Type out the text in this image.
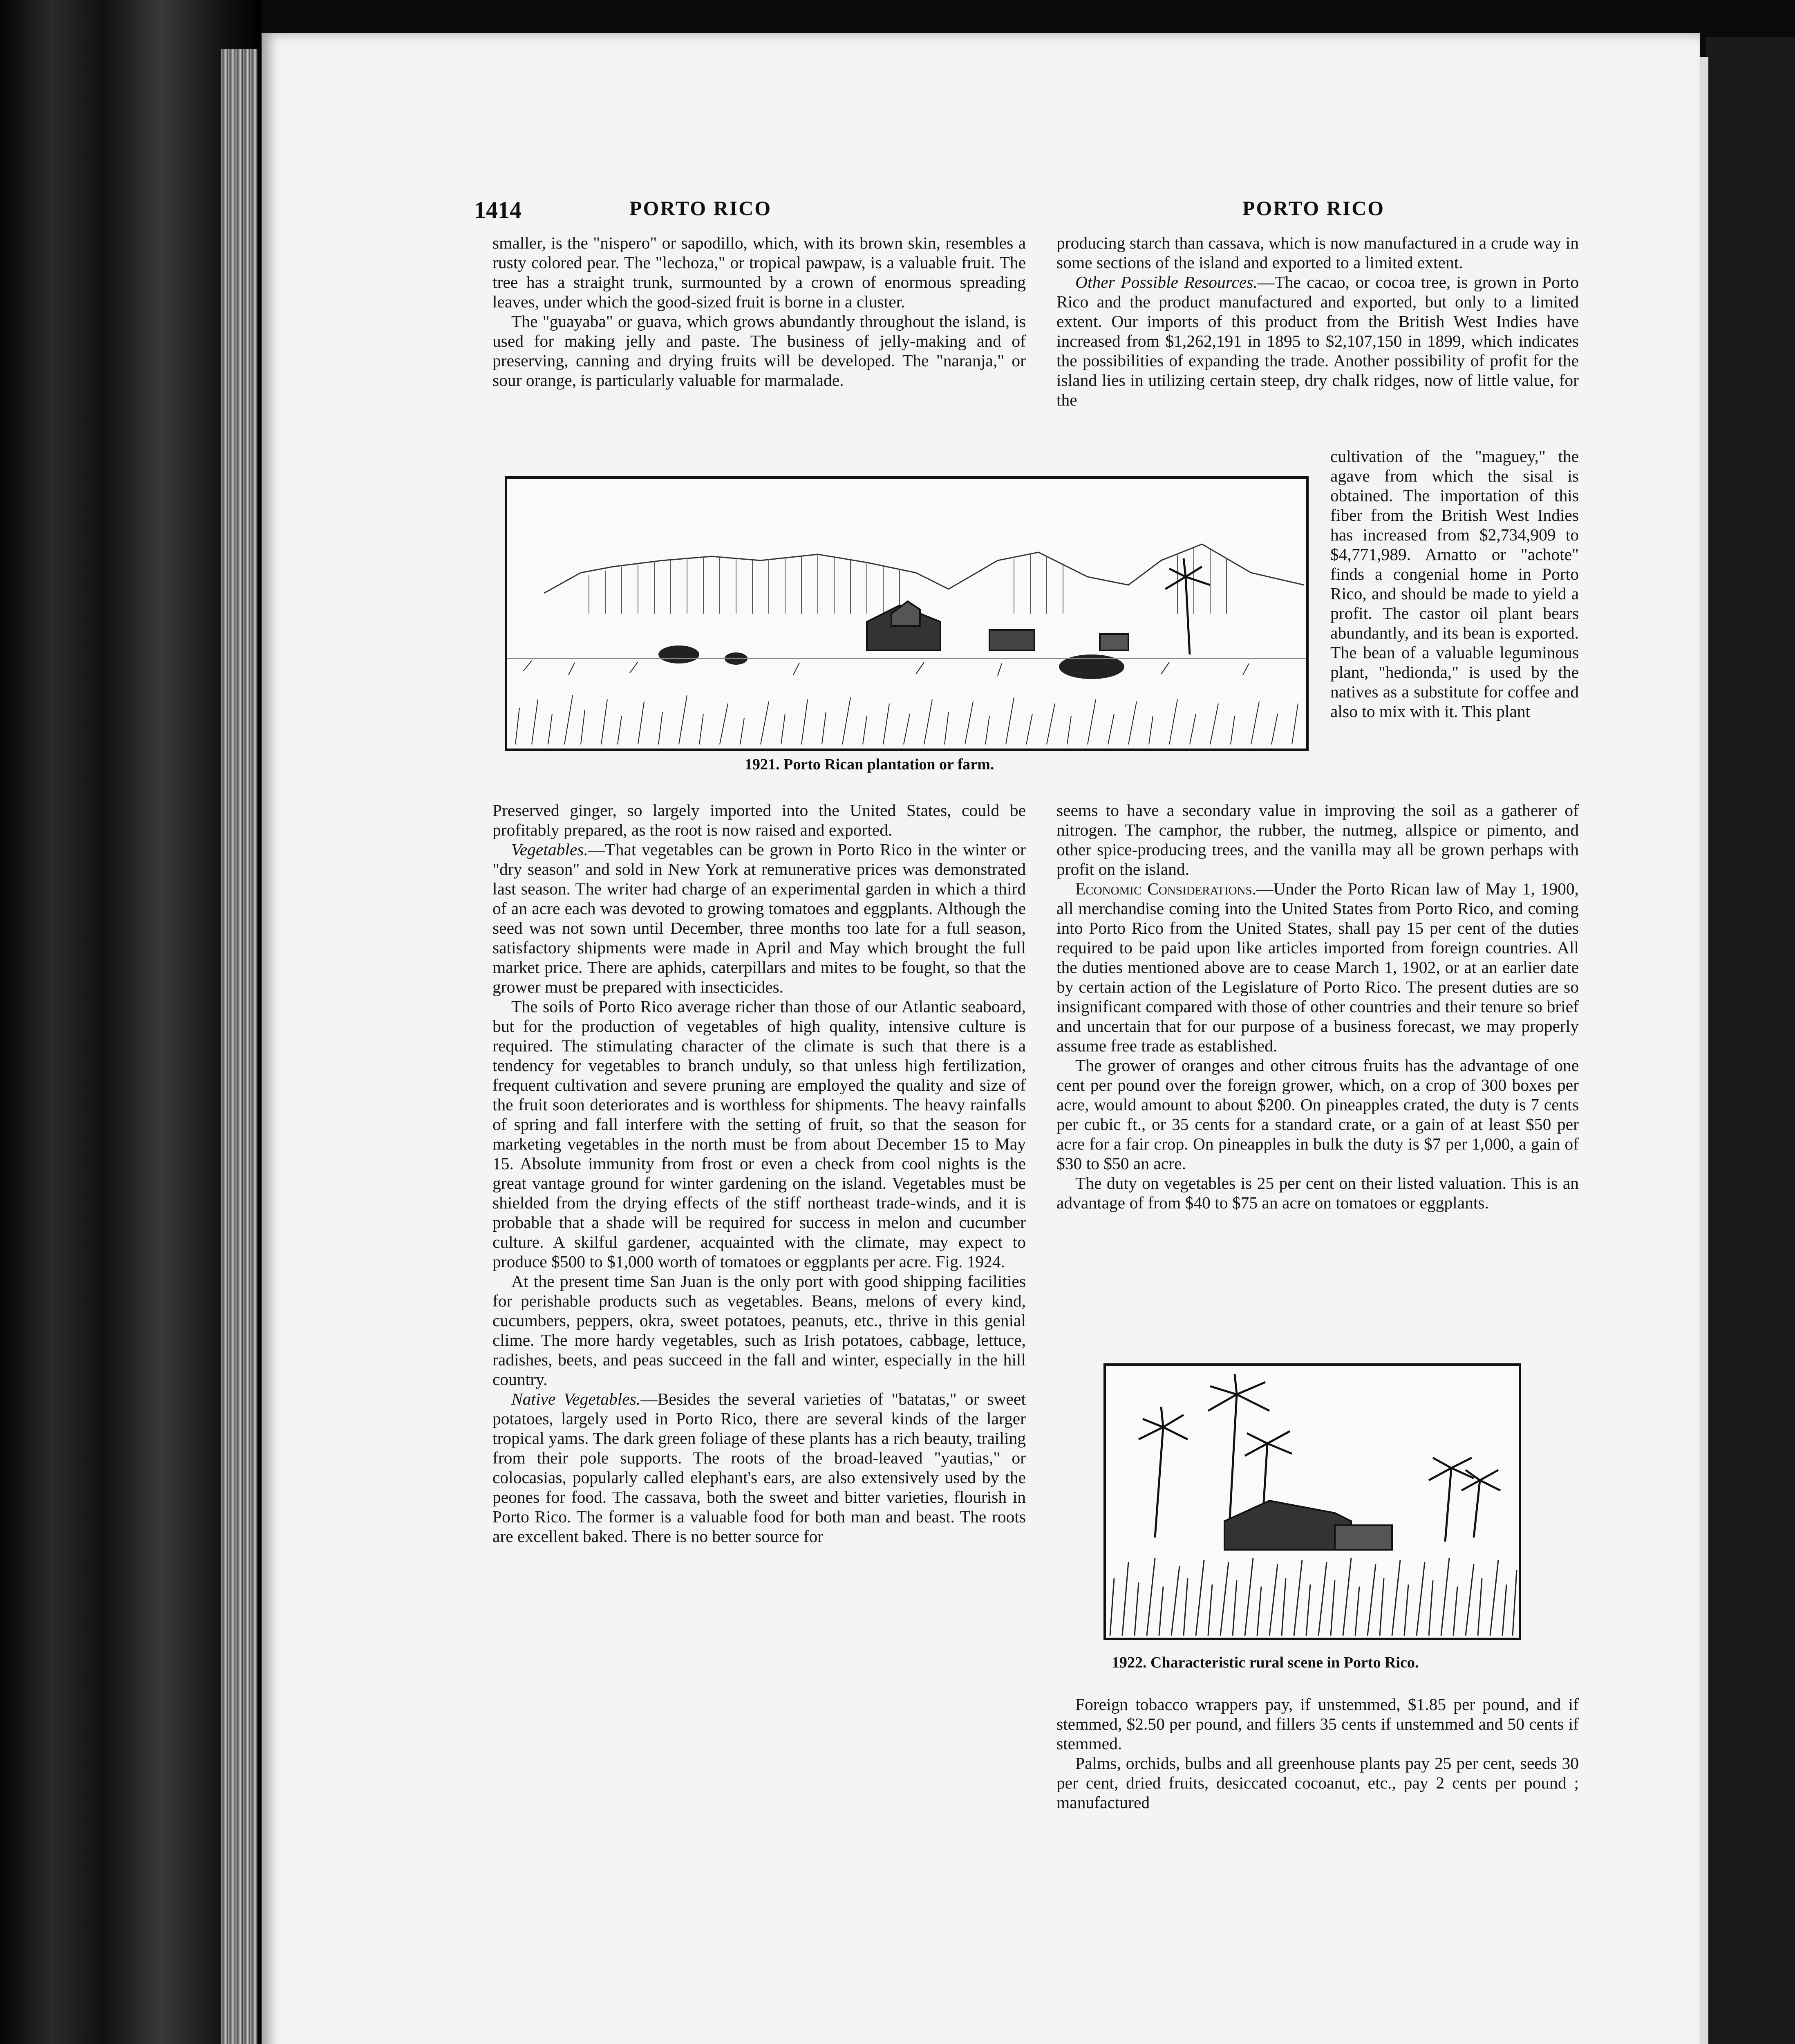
1414	PORTO RICO	PORTO RICO

smaller, is the "nispero" or sapodillo, which, with its brown skin, resembles a rusty colored pear. The "lechoza," or tropical pawpaw, is a valuable fruit. The tree has a straight trunk, surmounted by a crown of enormous spreading leaves, under which the good-sized fruit is borne in a cluster.

The "guayaba" or guava, which grows abundantly throughout the island, is used for making jelly and paste. The business of jelly-making and of preserving, canning and drying fruits will be developed. The "naranja," or sour orange, is particularly valuable for marmalade.

producing starch than cassava, which is now manufactured in a crude way in some sections of the island and exported to a limited extent.

Other Possible Resources.—The cacao, or cocoa tree, is grown in Porto Rico and the product manufactured and exported, but only to a limited extent. Our imports of this product from the British West Indies have increased from $1,262,191 in 1895 to $2,107,150 in 1899, which indicates the possibilities of expanding the trade. Another possibility of profit for the island lies in utilizing certain steep, dry chalk ridges, now of little value, for the

1921. Porto Rican plantation or farm.

cultivation of the "maguey," the agave from which the sisal is obtained. The importation of this fiber from the British West Indies has increased from $2,734,909 to $4,771,989. Arnatto or "achote" finds a congenial home in Porto Rico, and should be made to yield a profit. The castor oil plant bears abundantly, and its bean is exported. The bean of a valuable leguminous plant, "hedionda," is used by the natives as a substitute for coffee and also to mix with it. This plant

Preserved ginger, so largely imported into the United States, could be profitably prepared, as the root is now raised and exported.

Vegetables.—That vegetables can be grown in Porto Rico in the winter or "dry season" and sold in New York at remunerative prices was demonstrated last season. The writer had charge of an experimental garden in which a third of an acre each was devoted to growing tomatoes and eggplants. Although the seed was not sown until December, three months too late for a full season, satisfactory shipments were made in April and May which brought the full market price. There are aphids, caterpillars and mites to be fought, so that the grower must be prepared with insecticides.

The soils of Porto Rico average richer than those of our Atlantic seaboard, but for the production of vegetables of high quality, intensive culture is required. The stimulating character of the climate is such that there is a tendency for vegetables to branch unduly, so that unless high fertilization, frequent cultivation and severe pruning are employed the quality and size of the fruit soon deteriorates and is worthless for shipments. The heavy rainfalls of spring and fall interfere with the setting of fruit, so that the season for marketing vegetables in the north must be from about December 15 to May 15. Absolute immunity from frost or even a check from cool nights is the great vantage ground for winter gardening on the island. Vegetables must be shielded from the drying effects of the stiff northeast trade-winds, and it is probable that a shade will be required for success in melon and cucumber culture. A skilful gardener, acquainted with the climate, may expect to produce $500 to $1,000 worth of tomatoes or eggplants per acre. Fig. 1924.

At the present time San Juan is the only port with good shipping facilities for perishable products such as vegetables. Beans, melons of every kind, cucumbers, peppers, okra, sweet potatoes, peanuts, etc., thrive in this genial clime. The more hardy vegetables, such as Irish potatoes, cabbage, lettuce, radishes, beets, and peas succeed in the fall and winter, especially in the hill country.

Native Vegetables.—Besides the several varieties of "batatas," or sweet potatoes, largely used in Porto Rico, there are several kinds of the larger tropical yams. The dark green foliage of these plants has a rich beauty, trailing from their pole supports. The roots of the broad-leaved "yautias," or colocasias, popularly called elephant's ears, are also extensively used by the peones for food. The cassava, both the sweet and bitter varieties, flourish in Porto Rico. The former is a valuable food for both man and beast. The roots are excellent baked. There is no better source for

seems to have a secondary value in improving the soil as a gatherer of nitrogen. The camphor, the rubber, the nutmeg, allspice or pimento, and other spice-producing trees, and the vanilla may all be grown perhaps with profit on the island.

Economic Considerations.—Under the Porto Rican law of May 1, 1900, all merchandise coming into the United States from Porto Rico, and coming into Porto Rico from the United States, shall pay 15 per cent of the duties required to be paid upon like articles imported from foreign countries. All the duties mentioned above are to cease March 1, 1902, or at an earlier date by certain action of the Legislature of Porto Rico. The present duties are so insignificant compared with those of other countries and their tenure so brief and uncertain that for our purpose of a business forecast, we may properly assume free trade as established.

The grower of oranges and other citrous fruits has the advantage of one cent per pound over the foreign grower, which, on a crop of 300 boxes per acre, would amount to about $200. On pineapples crated, the duty is 7 cents per cubic ft., or 35 cents for a standard crate, or a gain of at least $50 per acre for a fair crop. On pineapples in bulk the duty is $7 per 1,000, a gain of $30 to $50 an acre.

The duty on vegetables is 25 per cent on their listed valuation. This is an advantage of from $40 to $75 an acre on tomatoes or eggplants.

1922. Characteristic rural scene in Porto Rico.

Foreign tobacco wrappers pay, if unstemmed, $1.85 per pound, and if stemmed, $2.50 per pound, and fillers 35 cents if unstemmed and 50 cents if stemmed.

Palms, orchids, bulbs and all greenhouse plants pay 25 per cent, seeds 30 per cent, dried fruits, desiccated cocoanut, etc., pay 2 cents per pound ; manufactured
